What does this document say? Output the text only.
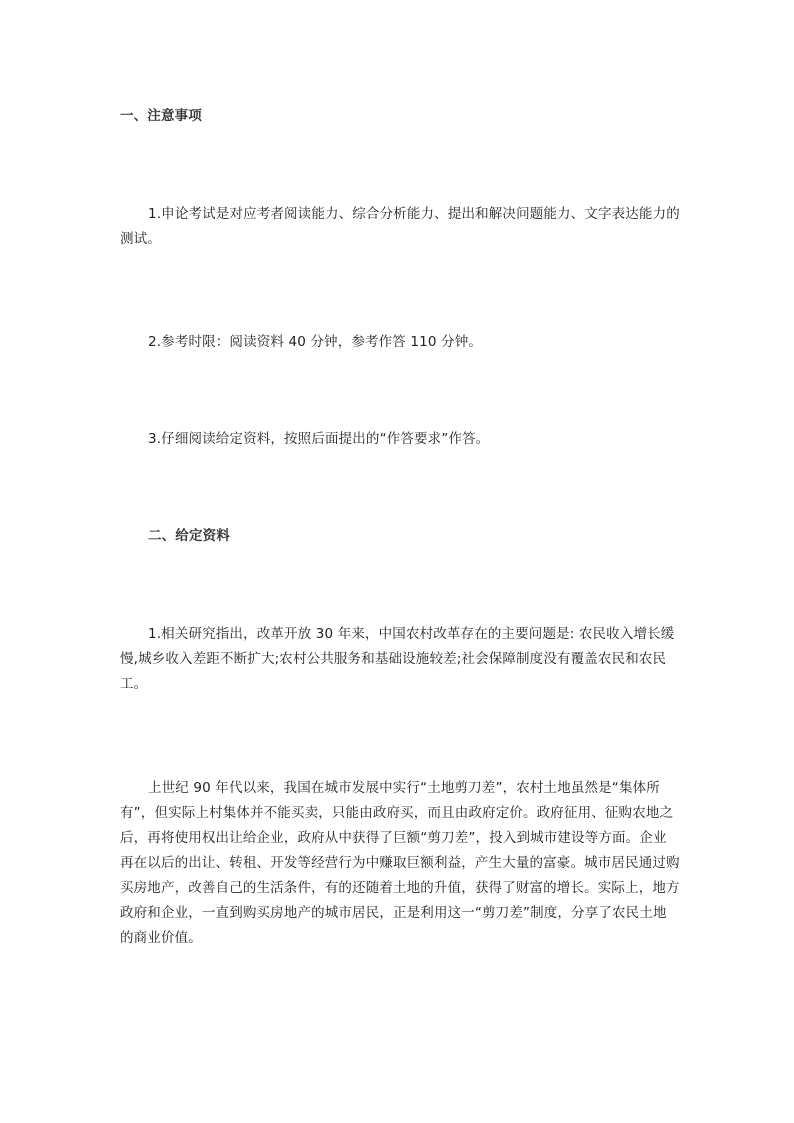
一、注意事项

1.申论考试是对应考者阅读能力、综合分析能力、提出和解决问题能力、文字表达能力的测试。

2.参考时限：阅读资料 40 分钟，参考作答 110 分钟。

3.仔细阅读给定资料，按照后面提出的“作答要求”作答。

二、给定资料

1.相关研究指出，改革开放 30 年来，中国农村改革存在的主要问题是: 农民收入增长缓慢,城乡收入差距不断扩大;农村公共服务和基础设施较差;社会保障制度没有覆盖农民和农民工。

上世纪 90 年代以来，我国在城市发展中实行“土地剪刀差”，农村土地虽然是“集体所有”，但实际上村集体并不能买卖，只能由政府买，而且由政府定价。政府征用、征购农地之后，再将使用权出让给企业，政府从中获得了巨额“剪刀差”，投入到城市建设等方面。企业再在以后的出让、转租、开发等经营行为中赚取巨额利益，产生大量的富豪。城市居民通过购买房地产，改善自己的生活条件，有的还随着土地的升值，获得了财富的增长。实际上，地方政府和企业，一直到购买房地产的城市居民，正是利用这一“剪刀差”制度，分享了农民土地的商业价值。
